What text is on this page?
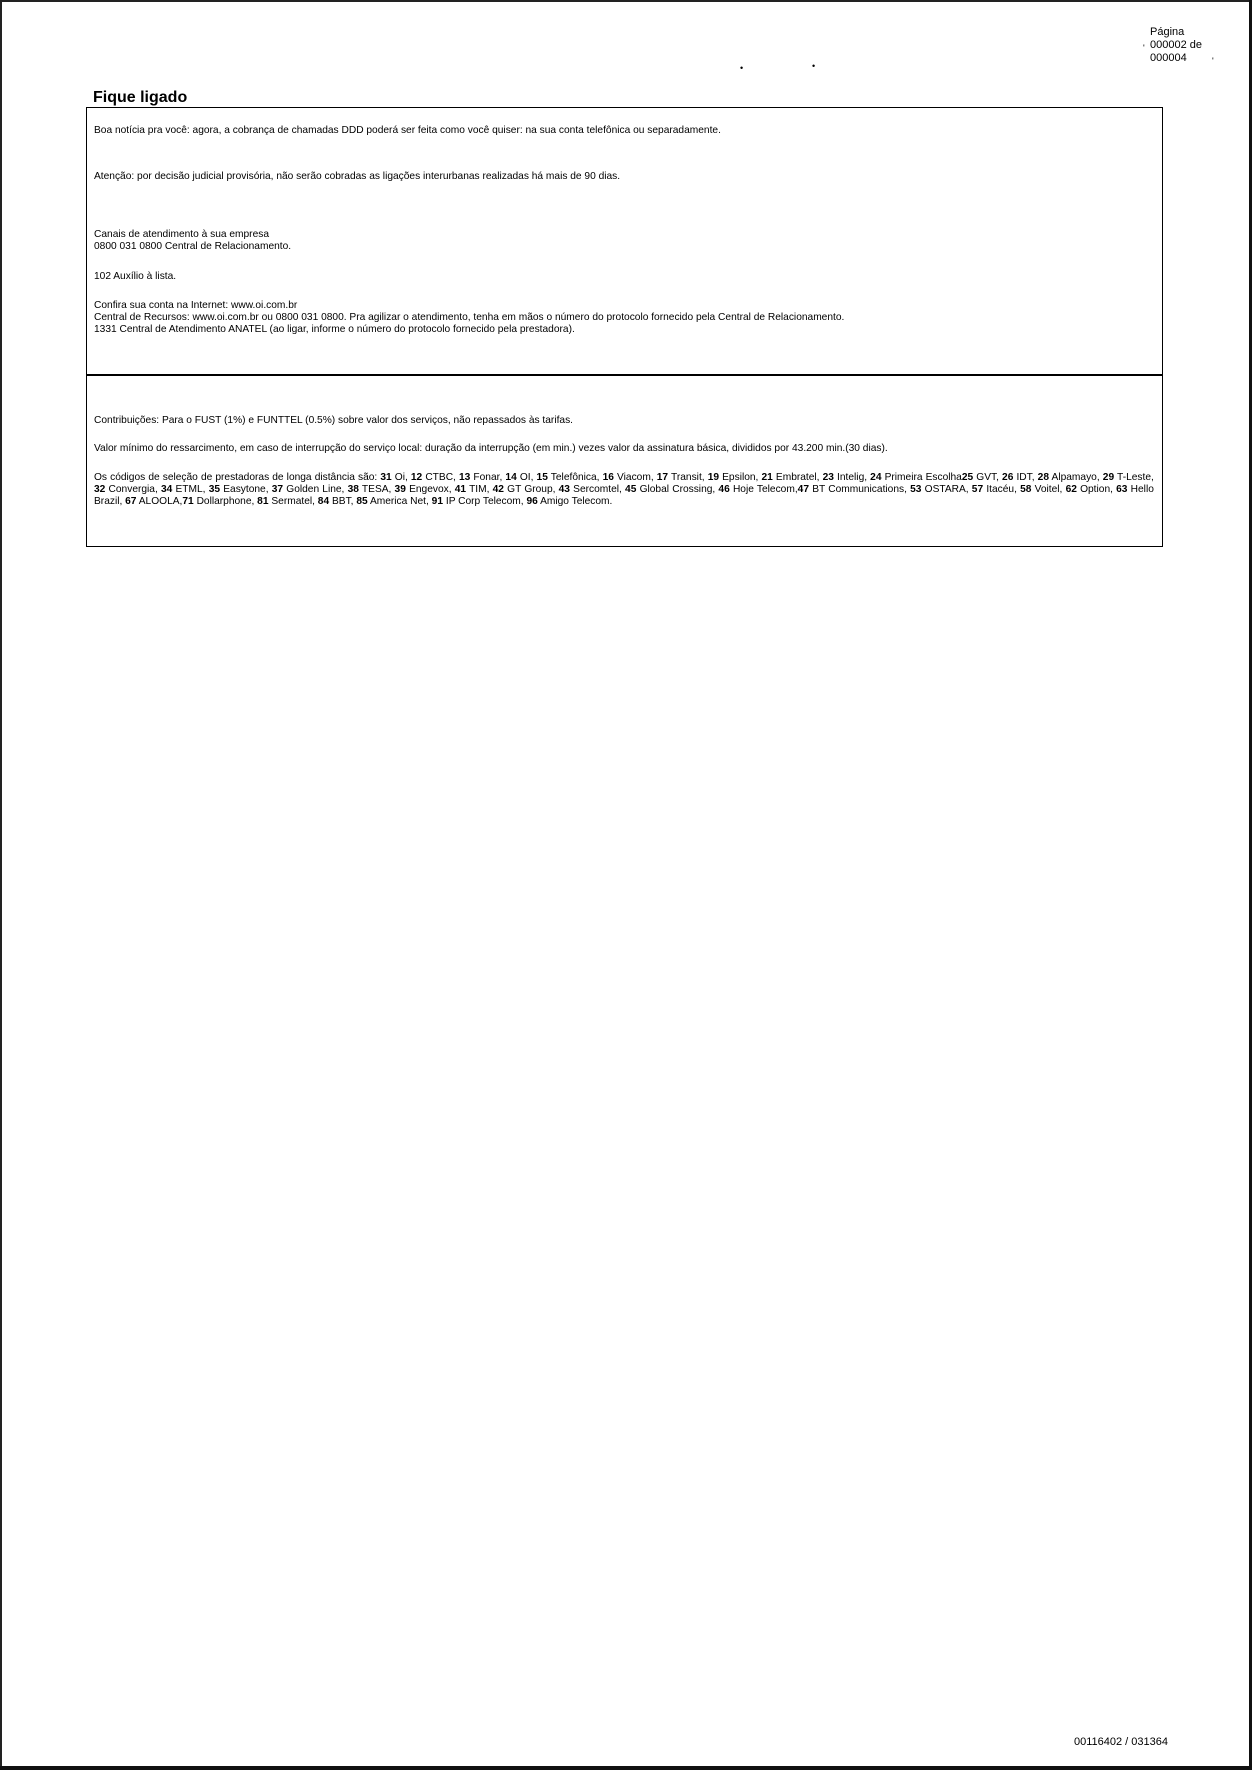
Página
000002 de
000004
'
'
•	•
Fique ligado

Boa notícia pra você: agora, a cobrança de chamadas DDD poderá ser feita como você quiser: na sua conta telefônica ou separadamente.

Atenção: por decisão judicial provisória, não serão cobradas as ligações interurbanas realizadas há mais de 90 dias.

Canais de atendimento à sua empresa

0800 031 0800 Central de Relacionamento.

102 Auxílio à lista.

Confira sua conta na Internet: www.oi.com.br

Central de Recursos: www.oi.com.br ou 0800 031 0800. Pra agilizar o atendimento, tenha em mãos o número do protocolo fornecido pela Central de Relacionamento.

1331 Central de Atendimento ANATEL (ao ligar, informe o número do protocolo fornecido pela prestadora).

Contribuições: Para o FUST (1%) e FUNTTEL (0.5%) sobre valor dos serviços, não repassados às tarifas.

Valor mínimo do ressarcimento, em caso de interrupção do serviço local: duração da interrupção (em min.) vezes valor da assinatura básica, divididos por 43.200 min.(30 dias).

Os códigos de seleção de prestadoras de longa distância são: 31 Oi, 12 CTBC, 13 Fonar, 14 OI, 15 Telefônica, 16 Viacom, 17 Transit, 19 Epsilon, 21 Embratel, 23 Intelig, 24 Primeira Escolha25 GVT, 26 IDT, 28 Alpamayo, 29 T-Leste, 32 Convergia, 34 ETML, 35 Easytone, 37 Golden Line, 38 TESA, 39 Engevox, 41 TIM, 42 GT Group, 43 Sercomtel, 45 Global Crossing, 46 Hoje Telecom,47 BT Communications, 53 OSTARA, 57 Itacéu, 58 Voitel, 62 Option, 63 Hello Brazil, 67 ALOOLA,71 Dollarphone, 81 Sermatel, 84 BBT, 85 America Net, 91 IP Corp Telecom, 96 Amigo Telecom.

00116402 / 031364
